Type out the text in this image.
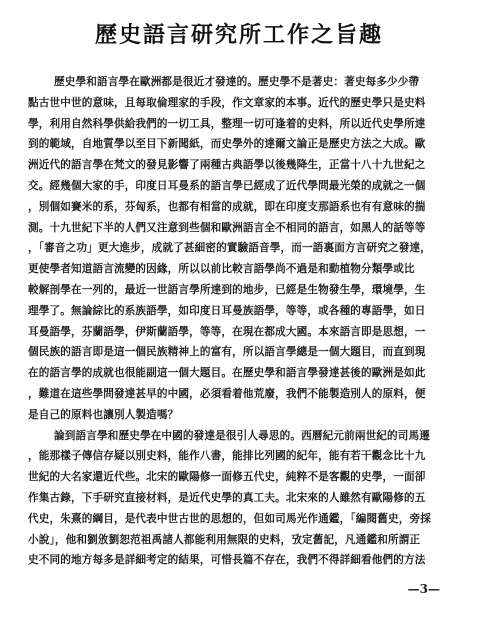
歷史語言研究所工作之旨趣
歷史學和語言學在歐洲都是很近才發達的。歷史學不是著史：著史每多少少帶
點古世中世的意味，且每取倫理家的手段，作文章家的本事。近代的歷史學只是史料
學，利用自然科學供給我們的一切工具，整理一切可逢着的史料，所以近代史學所達
到的範域，自地質學以至目下新聞紙，而史學外的達爾文論正是歷史方法之大成。歐
洲近代的語言學在梵文的發見影響了兩種古典語學以後幾降生，正當十八十九世紀之
交。經幾個大家的手，印度日耳曼系的語言學已經成了近代學問最光榮的成就之一個
，別個如賽米的系，芬匈系，也都有相當的成就，即在印度支那語系也有有意味的揣
測。十九世紀下半的人們又注意到些個和歐洲語言全不相同的語言，如黑人的話等等
，「審音之功」更大進步，成就了甚細密的實驗語音學，而一語裏面方言研究之發達，
更使學者知道語言流變的因緣，所以以前比較言語學尚不過是和動植物分類學或比
較解剖學在一列的，最近一世語言學所達到的地步，已經是生物發生學，環境學，生
理學了。無論綜比的系族語學，如印度日耳曼族語學，等等，或各種的專語學，如日
耳曼語學，芬蘭語學，伊斯蘭語學，等等，在現在都成大國。本來語言即是思想，一
個民族的語言即是這一個民族精神上的富有，所以語言學總是一個大題目，而直到現
在的語言學的成就也很能副這一個大題目。在歷史學和語言學發達甚後的歐洲是如此
，難道在這些學問發達甚早的中國，必須看着他荒廢，我們不能製造別人的原料，便
是自己的原料也讓別人製造嗎？
論到語言學和歷史學在中國的發達是很引人尋思的。西曆紀元前兩世紀的司馬遷
，能那樣子傳信存疑以別史料，能作八書，能排比列國的紀年，能有若干觀念比十九
世紀的大名家還近代些。北宋的歐陽修一面修五代史，純粹不是客觀的史學，一面卻
作集古錄，下手研究直接材料，是近代史學的真工夫。北宋來的人雖然有歐陽修的五
代史，朱熹的綱目，是代表中世古世的思想的，但如司馬光作通鑑，「編閱舊史，旁採
小說」，他和劉攽劉恕范祖禹諸人都能利用無限的史料，攷定舊記，凡通鑑和所謂正
史不同的地方每多是詳細考定的結果，可惜長篇不存在，我們不得詳細看他們的方法
—3—
